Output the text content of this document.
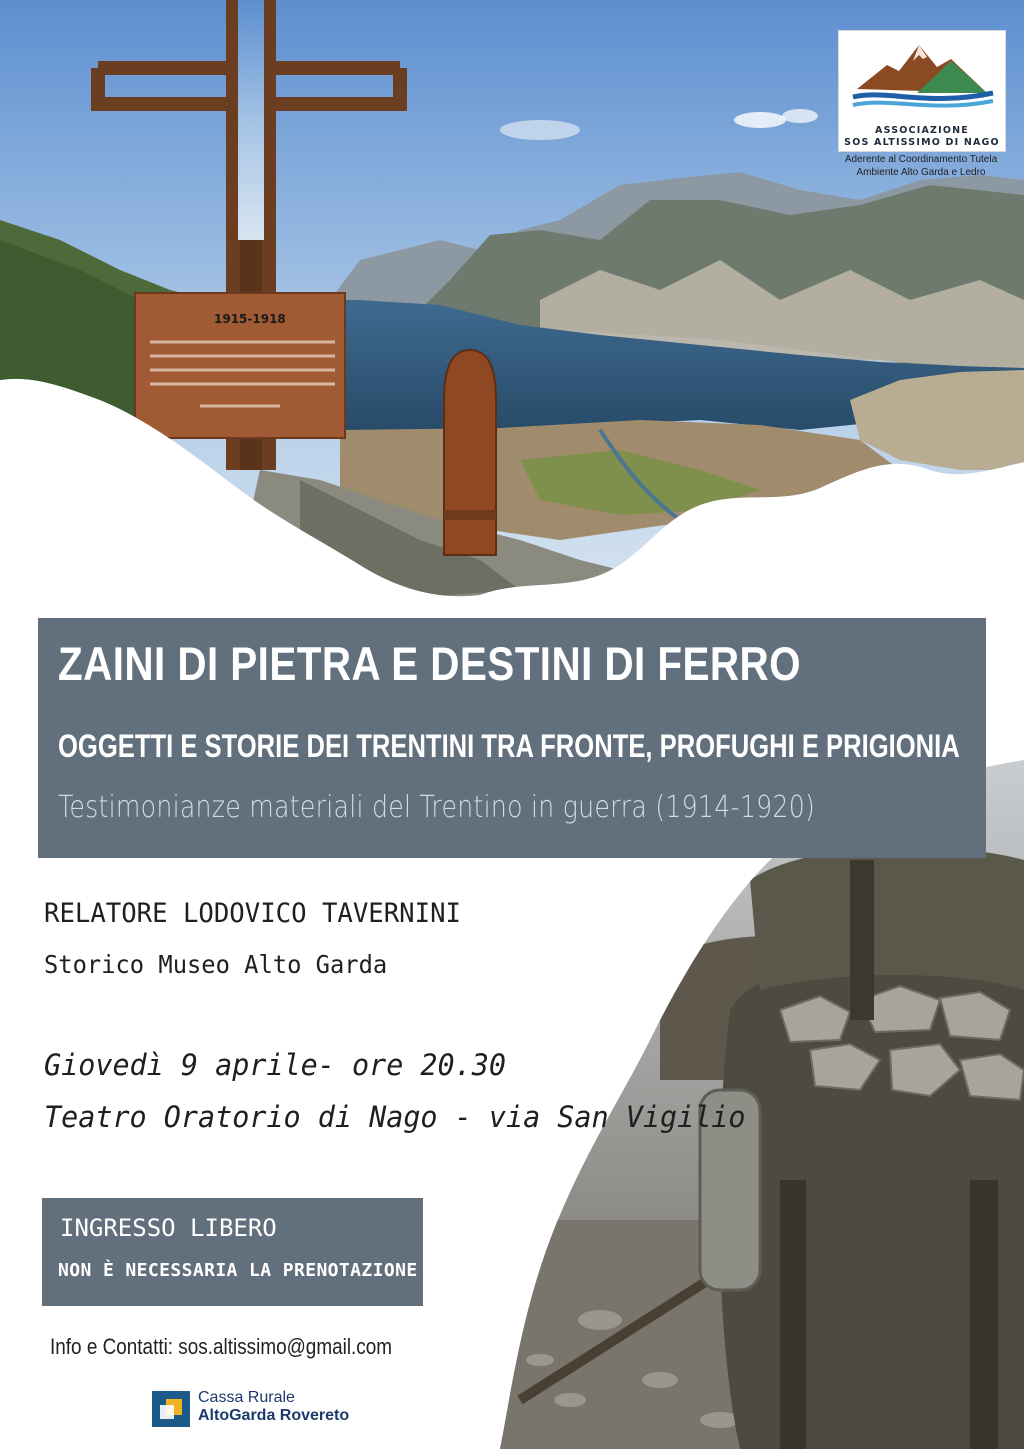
1915-1918
ASSOCIAZIONE
SOS ALTISSIMO DI NAGO
Aderente al Coordinamento Tutela
Ambiente Alto Garda e Ledro
ZAINI DI PIETRA E DESTINI DI FERRO
OGGETTI E STORIE DEI TRENTINI TRA FRONTE, PROFUGHI E PRIGIONIA
Testimonianze materiali del Trentino in guerra (1914-1920)
RELATORE LODOVICO TAVERNINI
Storico Museo Alto Garda
Giovedì 9 aprile- ore 20.30
Teatro Oratorio di Nago - via San Vigilio
INGRESSO LIBERO
NON È NECESSARIA LA PRENOTAZIONE
Info e Contatti: sos.altissimo@gmail.com
Cassa Rurale
AltoGarda Rovereto
